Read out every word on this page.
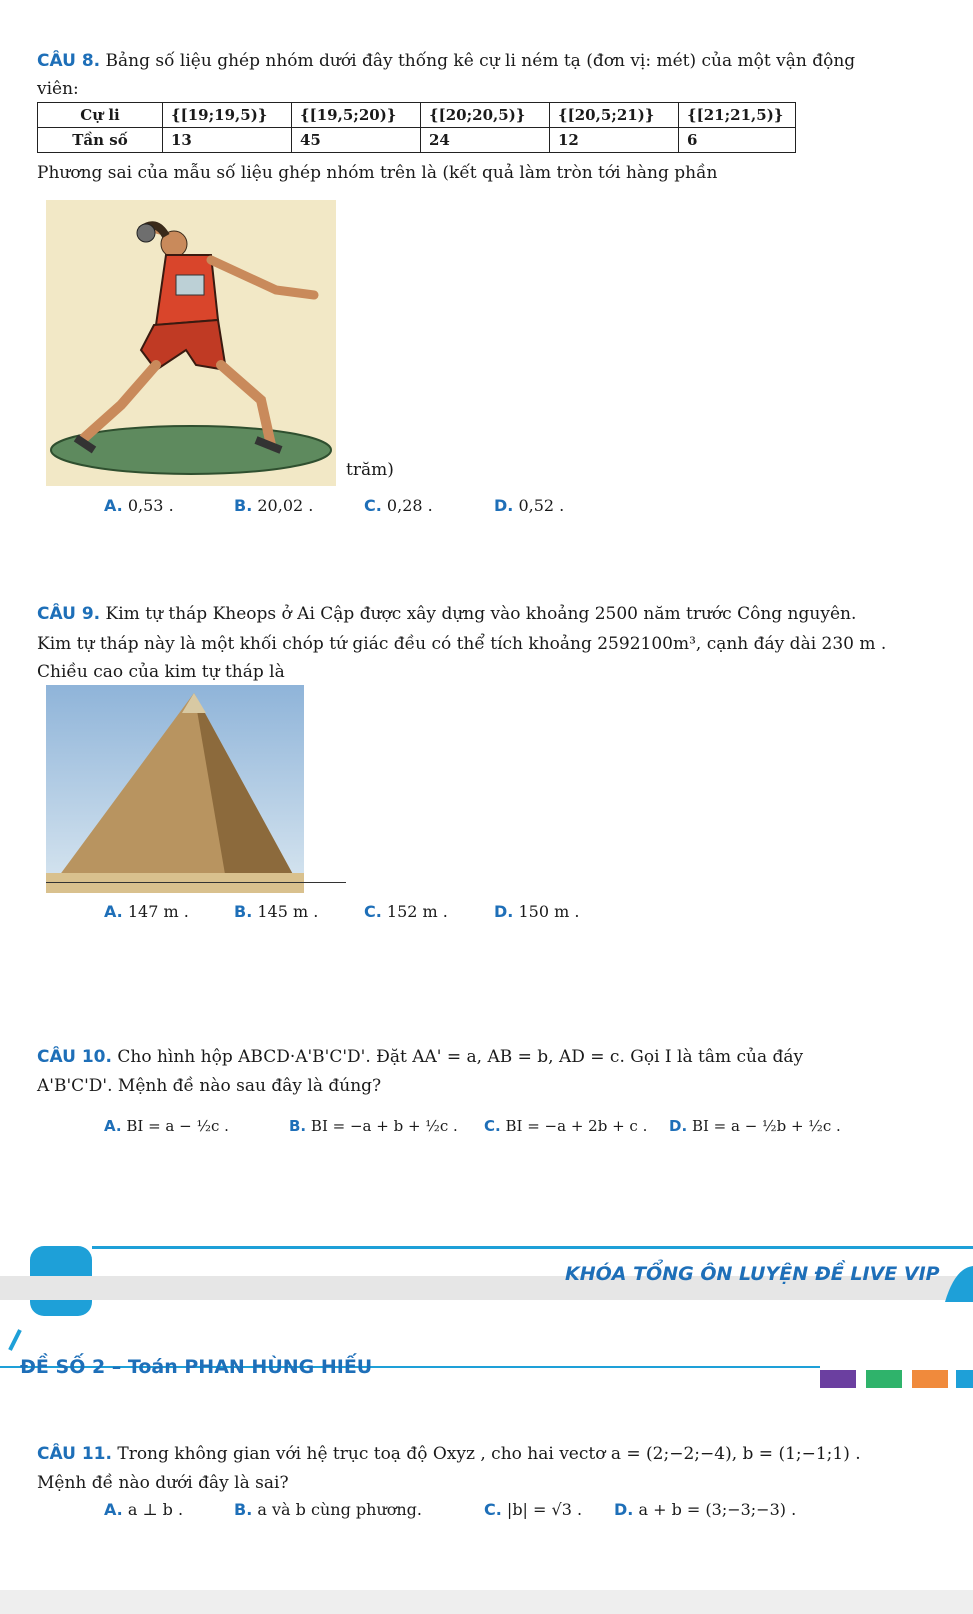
CÂU 8. Bảng số liệu ghép nhóm dưới đây thống kê cự li ném tạ (đơn vị: mét) của một vận động
viên:
Cự li	{[19;19,5)}	{[19,5;20)}	{[20;20,5)}	{[20,5;21)}	{[21;21,5)}
Tần số	13	45	24	12	6
Phương sai của mẫu số liệu ghép nhóm trên là (kết quả làm tròn tới hàng phần
trăm)
A. 0,53 .	B. 20,02 .	C. 0,28 .	D. 0,52 .
CÂU 9. Kim tự tháp Kheops ở Ai Cập được xây dựng vào khoảng 2500 năm trước Công nguyên.
Kim tự tháp này là một khối chóp tứ giác đều có thể tích khoảng 2592100m³, cạnh đáy dài 230 m .
Chiều cao của kim tự tháp là
A. 147 m .	B. 145 m .	C. 152 m .	D. 150 m .
CÂU 10. Cho hình hộp ABCD·A'B'C'D'. Đặt AA' = a, AB = b, AD = c. Gọi I là tâm của đáy
A'B'C'D'. Mệnh đề nào sau đây là đúng?
A. BI = a − ½c .	B. BI = −a + b + ½c .	C. BI = −a + 2b + c .	D. BI = a − ½b + ½c .
KHÓA TỔNG ÔN LUYỆN ĐỀ LIVE VIP
ĐỀ SỐ 2 – Toán PHAN HÙNG HIẾU
CÂU 11. Trong không gian với hệ trục toạ độ Oxyz , cho hai vectơ a = (2;−2;−4), b = (1;−1;1) .
Mệnh đề nào dưới đây là sai?
A. a ⊥ b .	B. a và b cùng phương.	C. |b| = √3 .	D. a + b = (3;−3;−3) .
